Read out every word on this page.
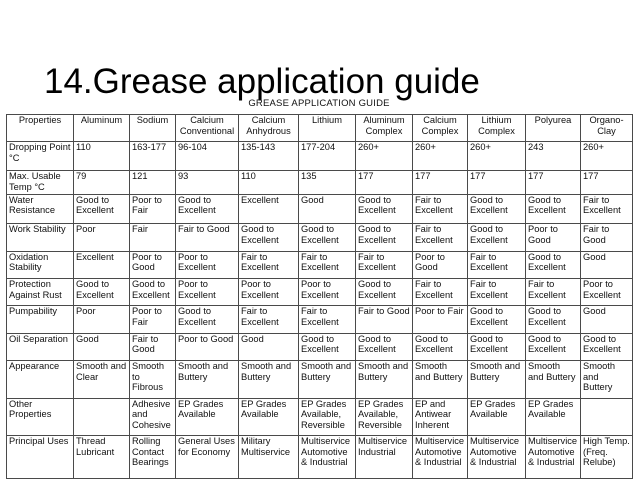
14.Grease application guide
GREASE APPLICATION GUIDE
Properties	Aluminum	Sodium	Calcium Conventional	Calcium Anhydrous	Lithium	Aluminum Complex	Calcium Complex	Lithium Complex	Polyurea	Organo-Clay
Dropping Point °C	110	163-177	96-104	135-143	177-204	260+	260+	260+	243	260+
Max. Usable Temp °C	79	121	93	110	135	177	177	177	177	177
Water Resistance	Good to Excellent	Poor to Fair	Good to Excellent	Excellent	Good	Good to Excellent	Fair to Excellent	Good to Excellent	Good to Excellent	Fair to Excellent
Work Stability	Poor	Fair	Fair to Good	Good to Excellent	Good to Excellent	Good to Excellent	Fair to Excellent	Good to Excellent	Poor to Good	Fair to Good
Oxidation Stability	Excellent	Poor to Good	Poor to Excellent	Fair to Excellent	Fair to Excellent	Fair to Excellent	Poor to Good	Fair to Excellent	Good to Excellent	Good
Protection Against Rust	Good to Excellent	Good to Excellent	Poor to Excellent	Poor to Excellent	Poor to Excellent	Good to Excellent	Fair to Excellent	Fair to Excellent	Fair to Excellent	Poor to Excellent
Pumpability	Poor	Poor to Fair	Good to Excellent	Fair to Excellent	Fair to Excellent	Fair to Good	Poor to Fair	Good to Excellent	Good to Excellent	Good
Oil Separation	Good	Fair to Good	Poor to Good	Good	Good to Excellent	Good to Excellent	Good to Excellent	Good to Excellent	Good to Excellent	Good to Excellent
Appearance	Smooth and Clear	Smooth to Fibrous	Smooth and Buttery	Smooth and Buttery	Smooth and Buttery	Smooth and Buttery	Smooth and Buttery	Smooth and Buttery	Smooth and Buttery	Smooth and Buttery
Other Properties		Adhesive and Cohesive	EP Grades Available	EP Grades Available	EP Grades Available, Reversible	EP Grades Available, Reversible	EP and Antiwear Inherent	EP Grades Available	EP Grades Available	
Principal Uses	Thread Lubricant	Rolling Contact Bearings	General Uses for Economy	Military Multiservice	Multiservice Automotive & Industrial	Multiservice Industrial	Multiservice Automotive & Industrial	Multiservice Automotive & Industrial	Multiservice Automotive & Industrial	High Temp. (Freq. Relube)
